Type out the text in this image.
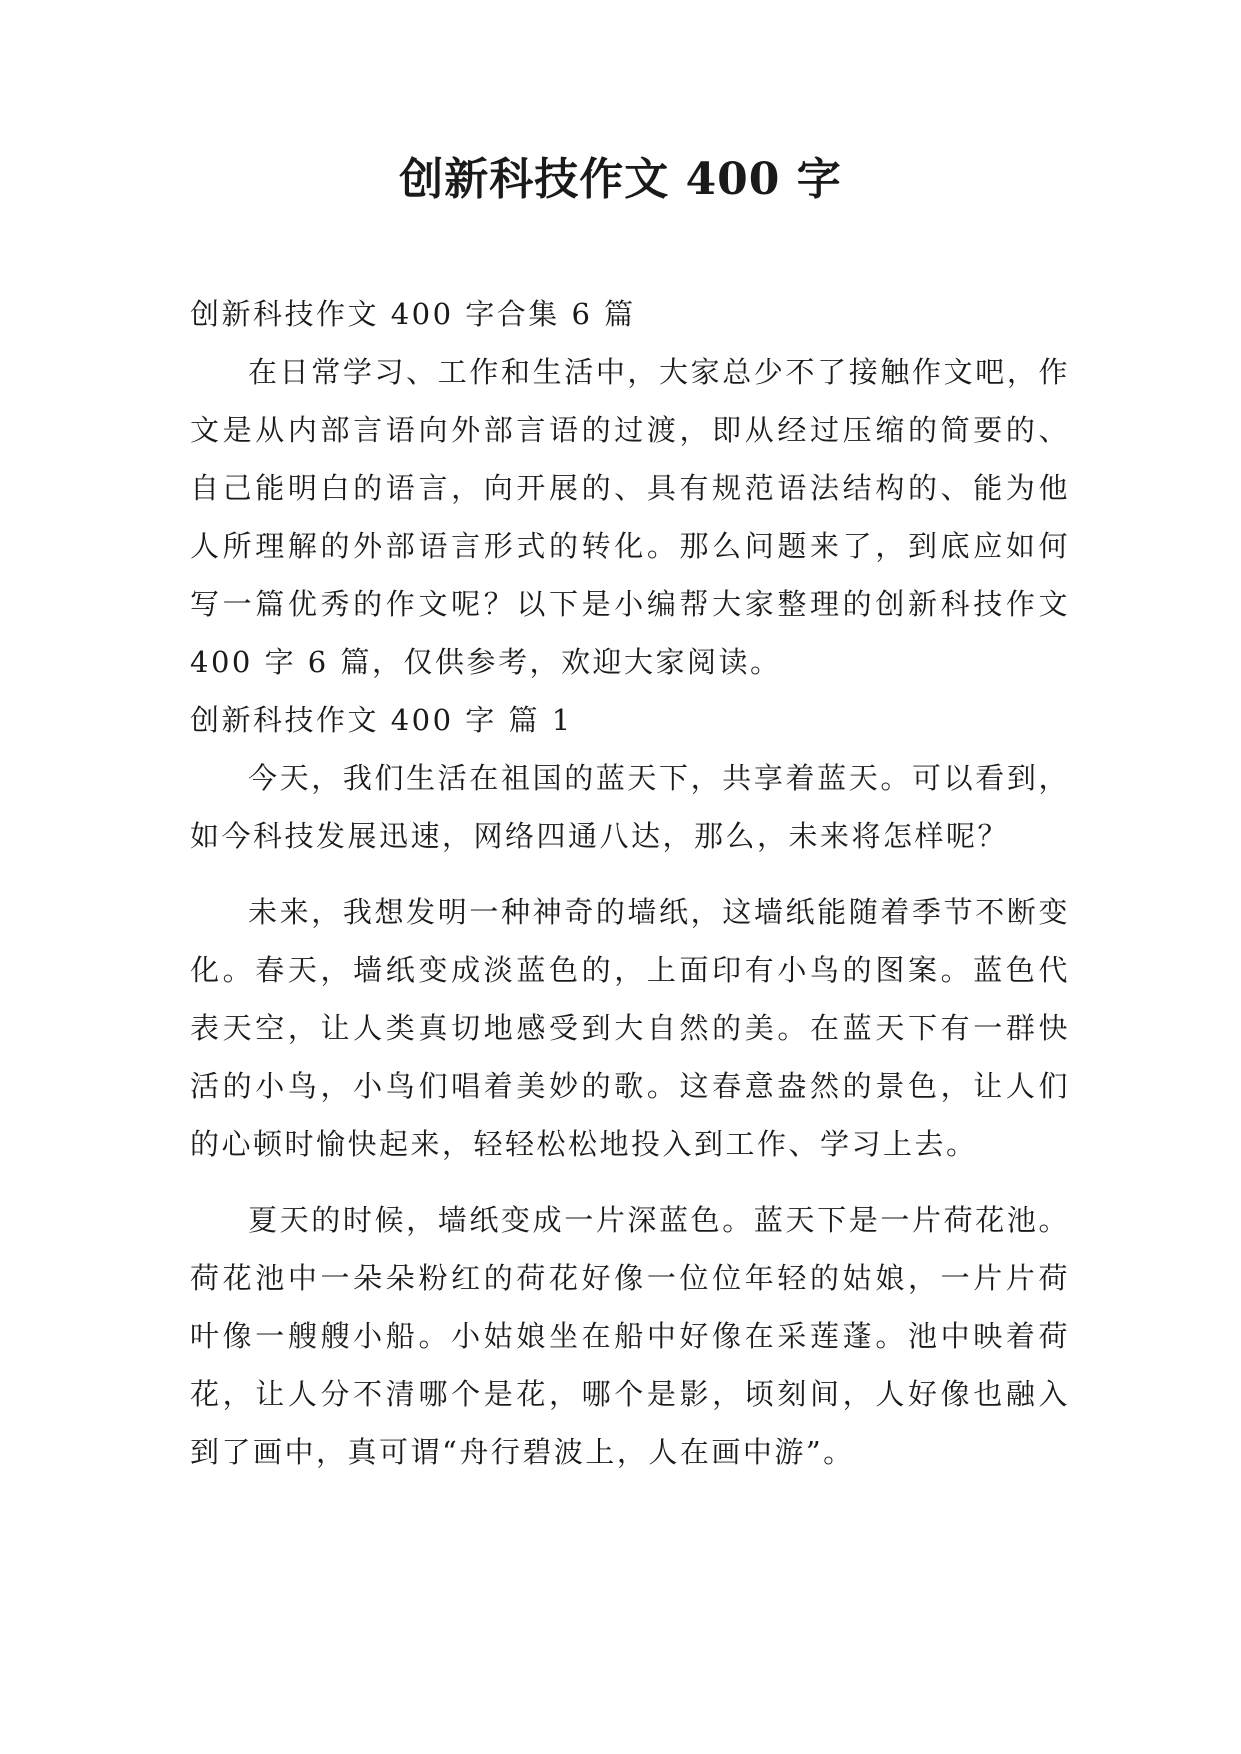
创新科技作文 400 字

创新科技作文 400 字合集 6 篇

在日常学习、工作和生活中，大家总少不了接触作文吧，作文是从内部言语向外部言语的过渡，即从经过压缩的简要的、自己能明白的语言，向开展的、具有规范语法结构的、能为他人所理解的外部语言形式的转化。那么问题来了，到底应如何写一篇优秀的作文呢？以下是小编帮大家整理的创新科技作文 400 字 6 篇，仅供参考，欢迎大家阅读。

创新科技作文 400 字 篇 1

今天，我们生活在祖国的蓝天下，共享着蓝天。可以看到，如今科技发展迅速，网络四通八达，那么，未来将怎样呢？

未来，我想发明一种神奇的墙纸，这墙纸能随着季节不断变化。春天，墙纸变成淡蓝色的，上面印有小鸟的图案。蓝色代表天空，让人类真切地感受到大自然的美。在蓝天下有一群快活的小鸟，小鸟们唱着美妙的歌。这春意盎然的景色，让人们的心顿时愉快起来，轻轻松松地投入到工作、学习上去。

夏天的时候，墙纸变成一片深蓝色。蓝天下是一片荷花池。荷花池中一朵朵粉红的荷花好像一位位年轻的姑娘，一片片荷叶像一艘艘小船。小姑娘坐在船中好像在采莲蓬。池中映着荷花，让人分不清哪个是花，哪个是影，顷刻间，人好像也融入到了画中，真可谓“舟行碧波上，人在画中游”。
